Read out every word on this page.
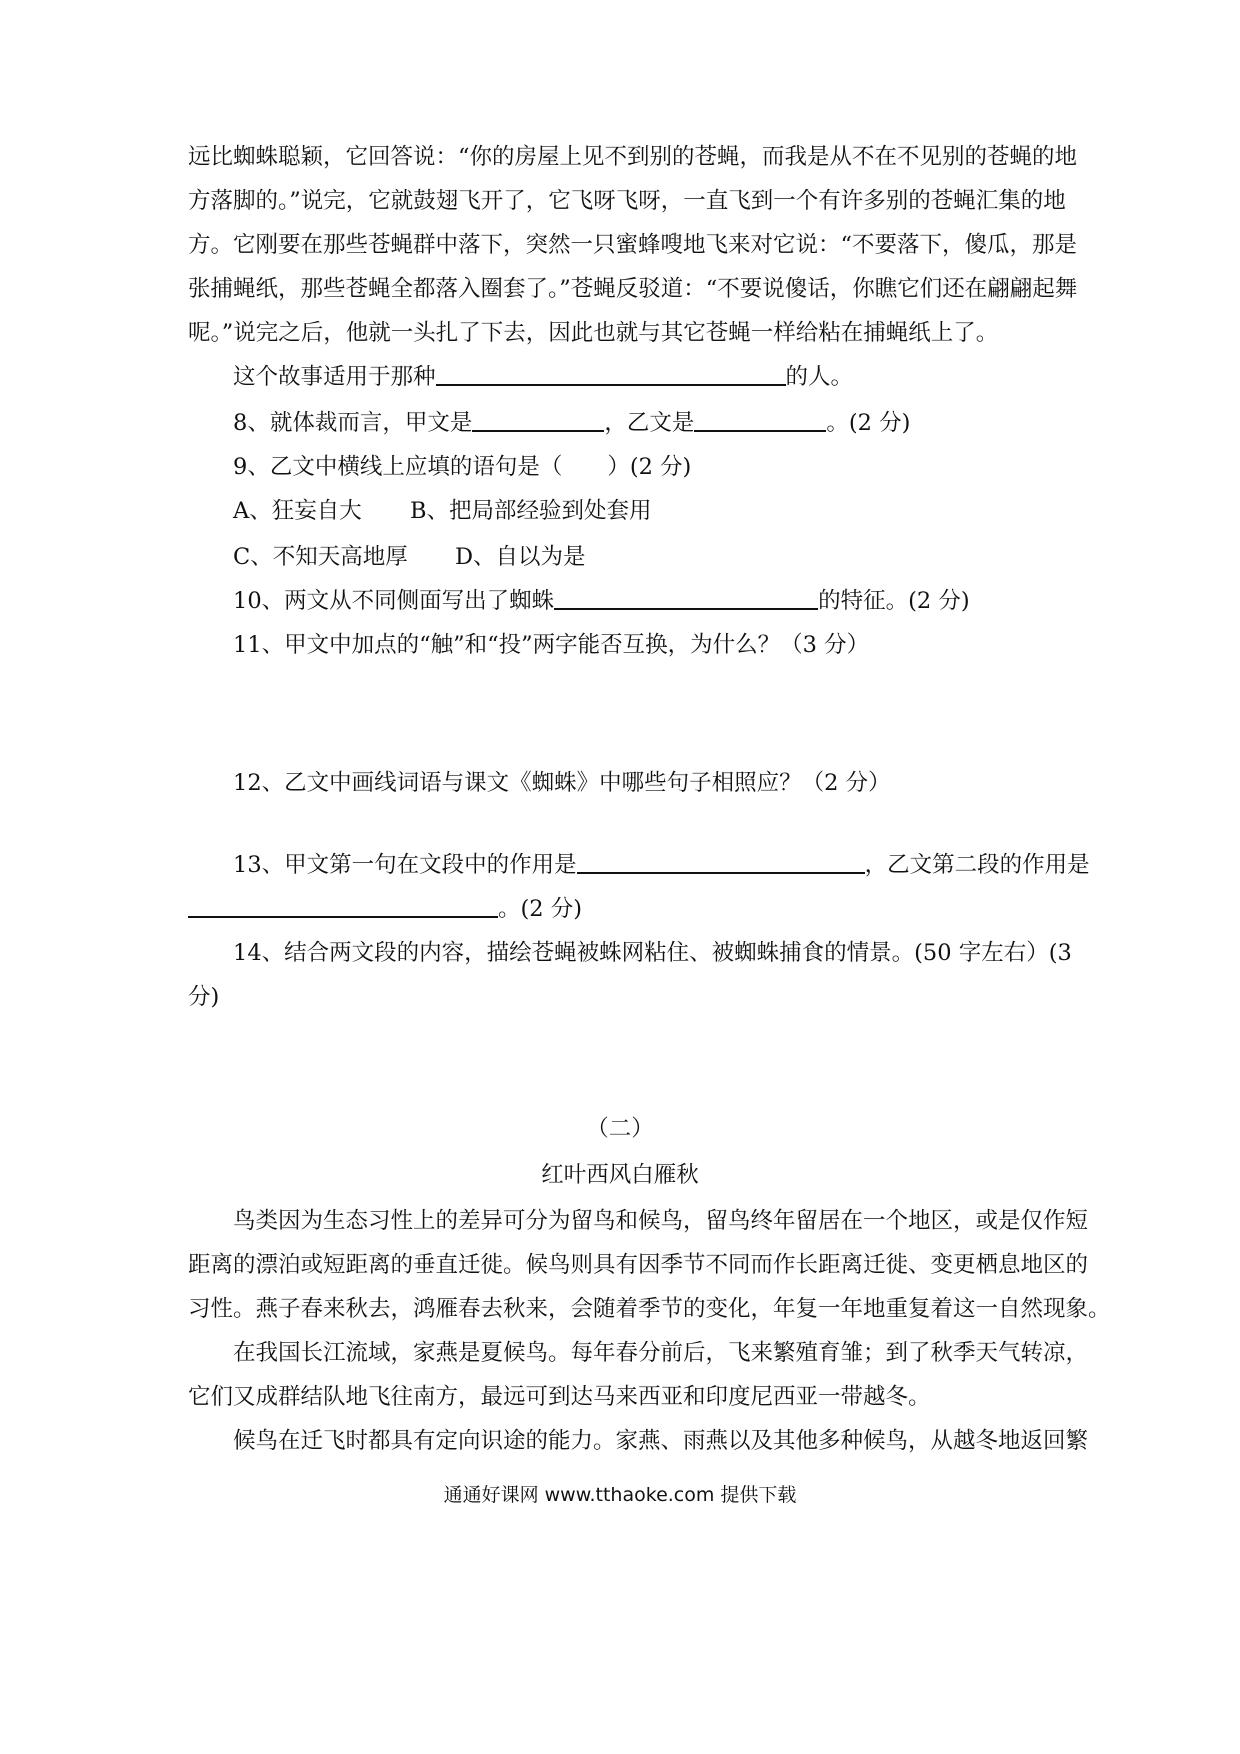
远比蜘蛛聪颖，它回答说：“你的房屋上见不到别的苍蝇，而我是从不在不见别的苍蝇的地
方落脚的。”说完，它就鼓翅飞开了，它飞呀飞呀，一直飞到一个有许多别的苍蝇汇集的地
方。它刚要在那些苍蝇群中落下，突然一只蜜蜂嗖地飞来对它说：“不要落下，傻瓜，那是
张捕蝇纸，那些苍蝇全都落入圈套了。”苍蝇反驳道：“不要说傻话，你瞧它们还在翩翩起舞
呢。”说完之后，他就一头扎了下去，因此也就与其它苍蝇一样给粘在捕蝇纸上了。
这个故事适用于那种	的人。
8、就体裁而言，甲文是	，乙文是	。(2 分)
9、乙文中横线上应填的语句是（　　）(2 分)
A、狂妄自大 B、把局部经验到处套用
C、不知天高地厚 D、自以为是
10、两文从不同侧面写出了蜘蛛	的特征。(2 分)
11、甲文中加点的“触”和“投”两字能否互换，为什么？（3 分）
12、乙文中画线词语与课文《蜘蛛》中哪些句子相照应？（2 分）
13、甲文第一句在文段中的作用是	，乙文第二段的作用是
。(2 分)
14、结合两文段的内容，描绘苍蝇被蛛网粘住、被蜘蛛捕食的情景。(50 字左右）(3
分)
（二）
红叶西风白雁秋
鸟类因为生态习性上的差异可分为留鸟和候鸟，留鸟终年留居在一个地区，或是仅作短
距离的漂泊或短距离的垂直迁徙。候鸟则具有因季节不同而作长距离迁徙、变更栖息地区的
习性。燕子春来秋去，鸿雁春去秋来，会随着季节的变化，年复一年地重复着这一自然现象。
在我国长江流域，家燕是夏候鸟。每年春分前后，飞来繁殖育雏；到了秋季天气转凉，
它们又成群结队地飞往南方，最远可到达马来西亚和印度尼西亚一带越冬。
候鸟在迁飞时都具有定向识途的能力。家燕、雨燕以及其他多种候鸟，从越冬地返回繁
通通好课网 www.tthaoke.com 提供下载
